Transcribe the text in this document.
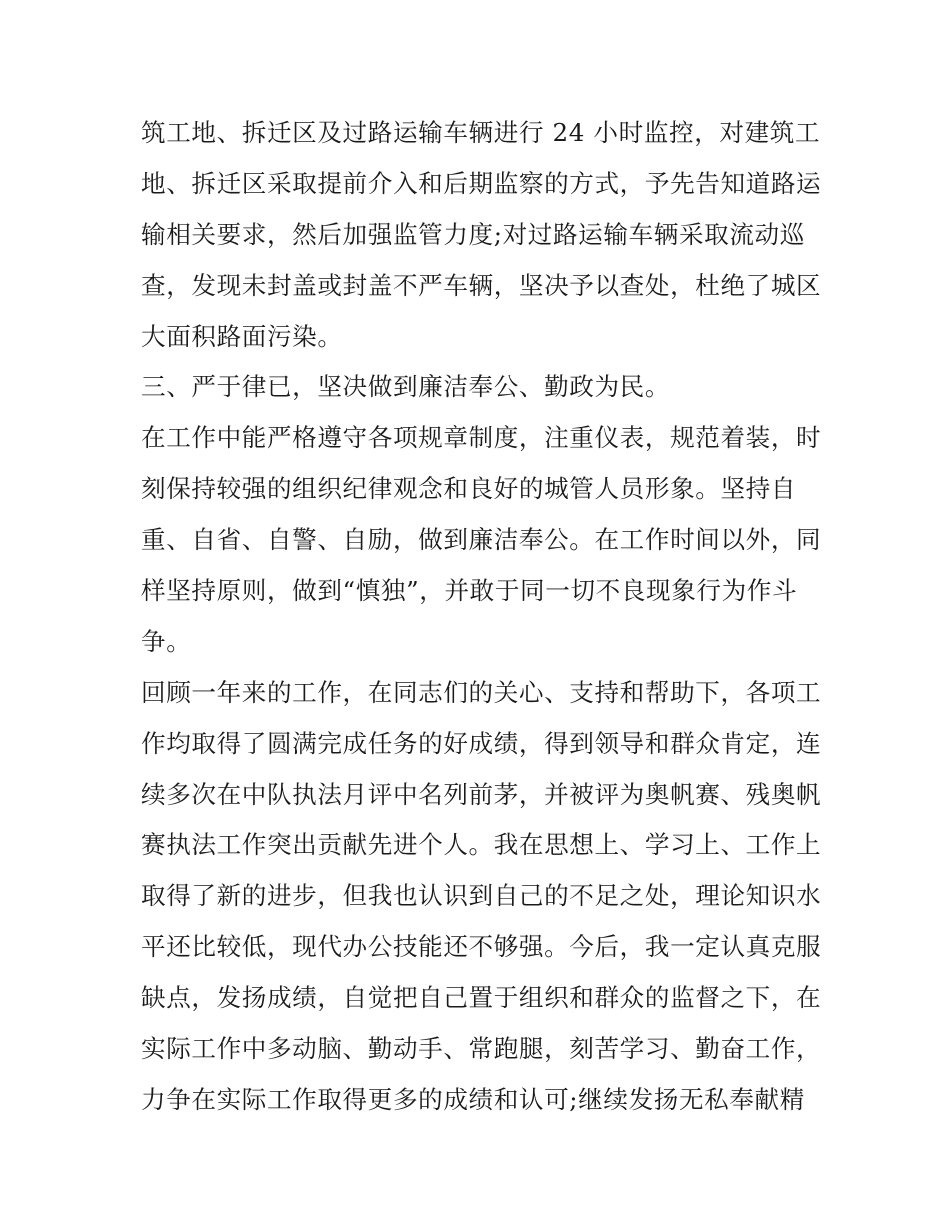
筑工地、拆迁区及过路运输车辆进行 24 小时监控，对建筑工
地、拆迁区采取提前介入和后期监察的方式，予先告知道路运
输相关要求，然后加强监管力度;对过路运输车辆采取流动巡
查，发现未封盖或封盖不严车辆，坚决予以查处，杜绝了城区
大面积路面污染。
三、严于律已，坚决做到廉洁奉公、勤政为民。
在工作中能严格遵守各项规章制度，注重仪表，规范着装，时
刻保持较强的组织纪律观念和良好的城管人员形象。坚持自
重、自省、自警、自励，做到廉洁奉公。在工作时间以外，同
样坚持原则，做到“慎独”，并敢于同一切不良现象行为作斗
争。
回顾一年来的工作，在同志们的关心、支持和帮助下，各项工
作均取得了圆满完成任务的好成绩，得到领导和群众肯定，连
续多次在中队执法月评中名列前茅，并被评为奥帆赛、残奥帆
赛执法工作突出贡献先进个人。我在思想上、学习上、工作上
取得了新的进步，但我也认识到自己的不足之处，理论知识水
平还比较低，现代办公技能还不够强。今后，我一定认真克服
缺点，发扬成绩，自觉把自己置于组织和群众的监督之下，在
实际工作中多动脑、勤动手、常跑腿，刻苦学习、勤奋工作，
力争在实际工作取得更多的成绩和认可;继续发扬无私奉献精
